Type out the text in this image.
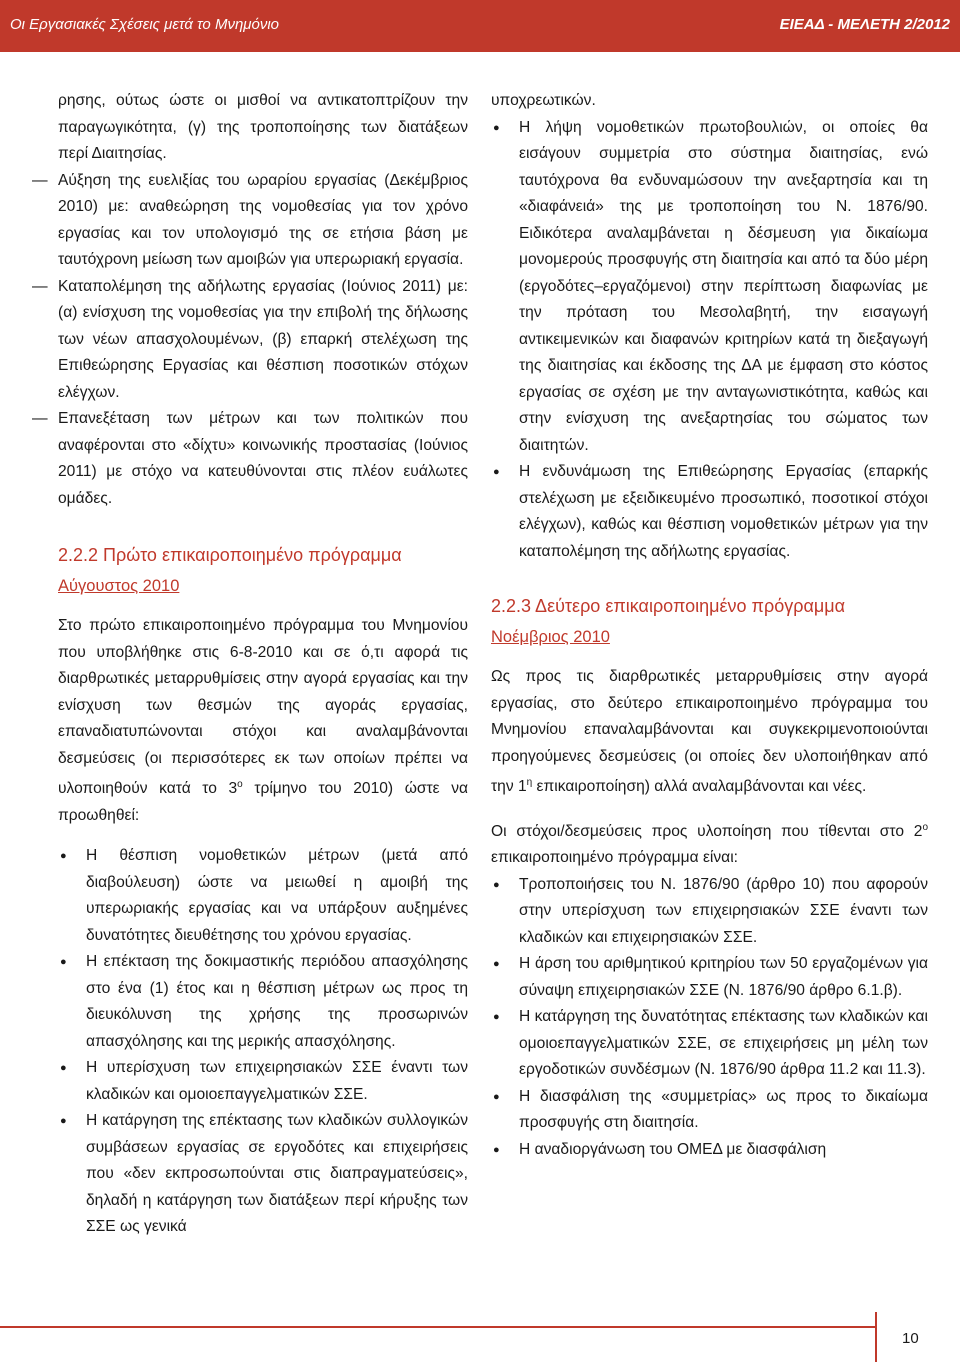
Οι Εργασιακές Σχέσεις μετά το Μνημόνιο	ΕΙΕΑΔ - ΜΕΛΕΤΗ 2/2012

ρησης, ούτως ώστε οι μισθοί να αντικατοπτρίζουν την παραγωγικότητα, (γ) της τροποποίησης των διατάξεων περί Διαιτησίας.

— Αύξηση της ευελιξίας του ωραρίου εργασίας (Δεκέμβριος 2010) με: αναθεώρηση της νομοθεσίας για τον χρόνο εργασίας και τον υπολογισμό της σε ετήσια βάση με ταυτόχρονη μείωση των αμοιβών για υπερωριακή εργασία.

— Καταπολέμηση της αδήλωτης εργασίας (Ιούνιος 2011) με: (α) ενίσχυση της νομοθεσίας για την επιβολή της δήλωσης των νέων απασχολουμένων, (β) επαρκή στελέχωση της Επιθεώρησης Εργασίας και θέσπιση ποσοτικών στόχων ελέγχων.

— Επανεξέταση των μέτρων και των πολιτικών που αναφέρονται στο «δίχτυ» κοινωνικής προστασίας (Ιούνιος 2011) με στόχο να κατευθύνονται στις πλέον ευάλωτες ομάδες.

2.2.2 Πρώτο επικαιροποιημένο πρόγραμμα
Αύγουστος 2010

Στο πρώτο επικαιροποιημένο πρόγραμμα του Μνημονίου που υποβλήθηκε στις 6-8-2010 και σε ό,τι αφορά τις διαρθρωτικές μεταρρυθμίσεις στην αγορά εργασίας και την ενίσχυση των θεσμών της αγοράς εργασίας, επαναδιατυπώνονται στόχοι και αναλαμβάνονται δεσμεύσεις (οι περισσότερες εκ των οποίων πρέπει να υλοποιηθούν κατά το $3^o$ τρίμηνο του 2010) ώστε να προωθηθεί:

● Η θέσπιση νομοθετικών μέτρων (μετά από διαβούλευση) ώστε να μειωθεί η αμοιβή της υπερωριακής εργασίας και να υπάρξουν αυξημένες δυνατότητες διευθέτησης του χρόνου εργασίας.

● Η επέκταση της δοκιμαστικής περιόδου απασχόλησης στο ένα (1) έτος και η θέσπιση μέτρων ως προς τη διευκόλυνση της χρήσης της προσωρινών απασχόλησης και της μερικής απασχόλησης.

● Η υπερίσχυση των επιχειρησιακών ΣΣΕ έναντι των κλαδικών και ομοιοεπαγγελματικών ΣΣΕ.

● Η κατάργηση της επέκτασης των κλαδικών συλλογικών συμβάσεων εργασίας σε εργοδότες και επιχειρήσεις που «δεν εκπροσωπούνται στις διαπραγματεύσεις», δηλαδή η κατάργηση των διατάξεων περί κήρυξης των ΣΣΕ ως γενικά

υποχρεωτικών.

● Η λήψη νομοθετικών πρωτοβουλιών, οι οποίες θα εισάγουν συμμετρία στο σύστημα διαιτησίας, ενώ ταυτόχρονα θα ενδυναμώσουν την ανεξαρτησία και τη «διαφάνειά» της με τροποποίηση του Ν. 1876/90. Ειδικότερα αναλαμβάνεται η δέσμευση για δικαίωμα μονομερούς προσφυγής στη διαιτησία και από τα δύο μέρη (εργοδότες–εργαζόμενοι) στην περίπτωση διαφωνίας με την πρόταση του Μεσολαβητή, την εισαγωγή αντικειμενικών και διαφανών κριτηρίων κατά τη διεξαγωγή της διαιτησίας και έκδοσης της ΔΑ με έμφαση στο κόστος εργασίας σε σχέση με την ανταγωνιστικότητα, καθώς και στην ενίσχυση της ανεξαρτησίας του σώματος των διαιτητών.

● Η ενδυνάμωση της Επιθεώρησης Εργασίας (επαρκής στελέχωση με εξειδικευμένο προσωπικό, ποσοτικοί στόχοι ελέγχων), καθώς και θέσπιση νομοθετικών μέτρων για την καταπολέμηση της αδήλωτης εργασίας.

2.2.3 Δεύτερο επικαιροποιημένο πρόγραμμα
Νοέμβριος 2010

Ως προς τις διαρθρωτικές μεταρρυθμίσεις στην αγορά εργασίας, στο δεύτερο επικαιροποιημένο πρόγραμμα του Μνημονίου επαναλαμβάνονται και συγκεκριμενοποιούνται προηγούμενες δεσμεύσεις (οι οποίες δεν υλοποιήθηκαν από την $1^\eta$ επικαιροποίηση) αλλά αναλαμβάνονται και νέες.

Οι στόχοι/δεσμεύσεις προς υλοποίηση που τίθενται στο $2^o$ επικαιροποιημένο πρόγραμμα είναι:

● Τροποποιήσεις του Ν. 1876/90 (άρθρο 10) που αφορούν στην υπερίσχυση των επιχειρησιακών ΣΣΕ έναντι των κλαδικών και επιχειρησιακών ΣΣΕ.

● Η άρση του αριθμητικού κριτηρίου των 50 εργαζομένων για σύναψη επιχειρησιακών ΣΣΕ (Ν. 1876/90 άρθρο 6.1.β).

● Η κατάργηση της δυνατότητας επέκτασης των κλαδικών και ομοιοεπαγγελματικών ΣΣΕ, σε επιχειρήσεις μη μέλη των εργοδοτικών συνδέσμων (Ν. 1876/90 άρθρα 11.2 και 11.3).

● Η διασφάλιση της «συμμετρίας» ως προς το δικαίωμα προσφυγής στη διαιτησία.

● Η αναδιοργάνωση του ΟΜΕΔ με διασφάλιση

10
